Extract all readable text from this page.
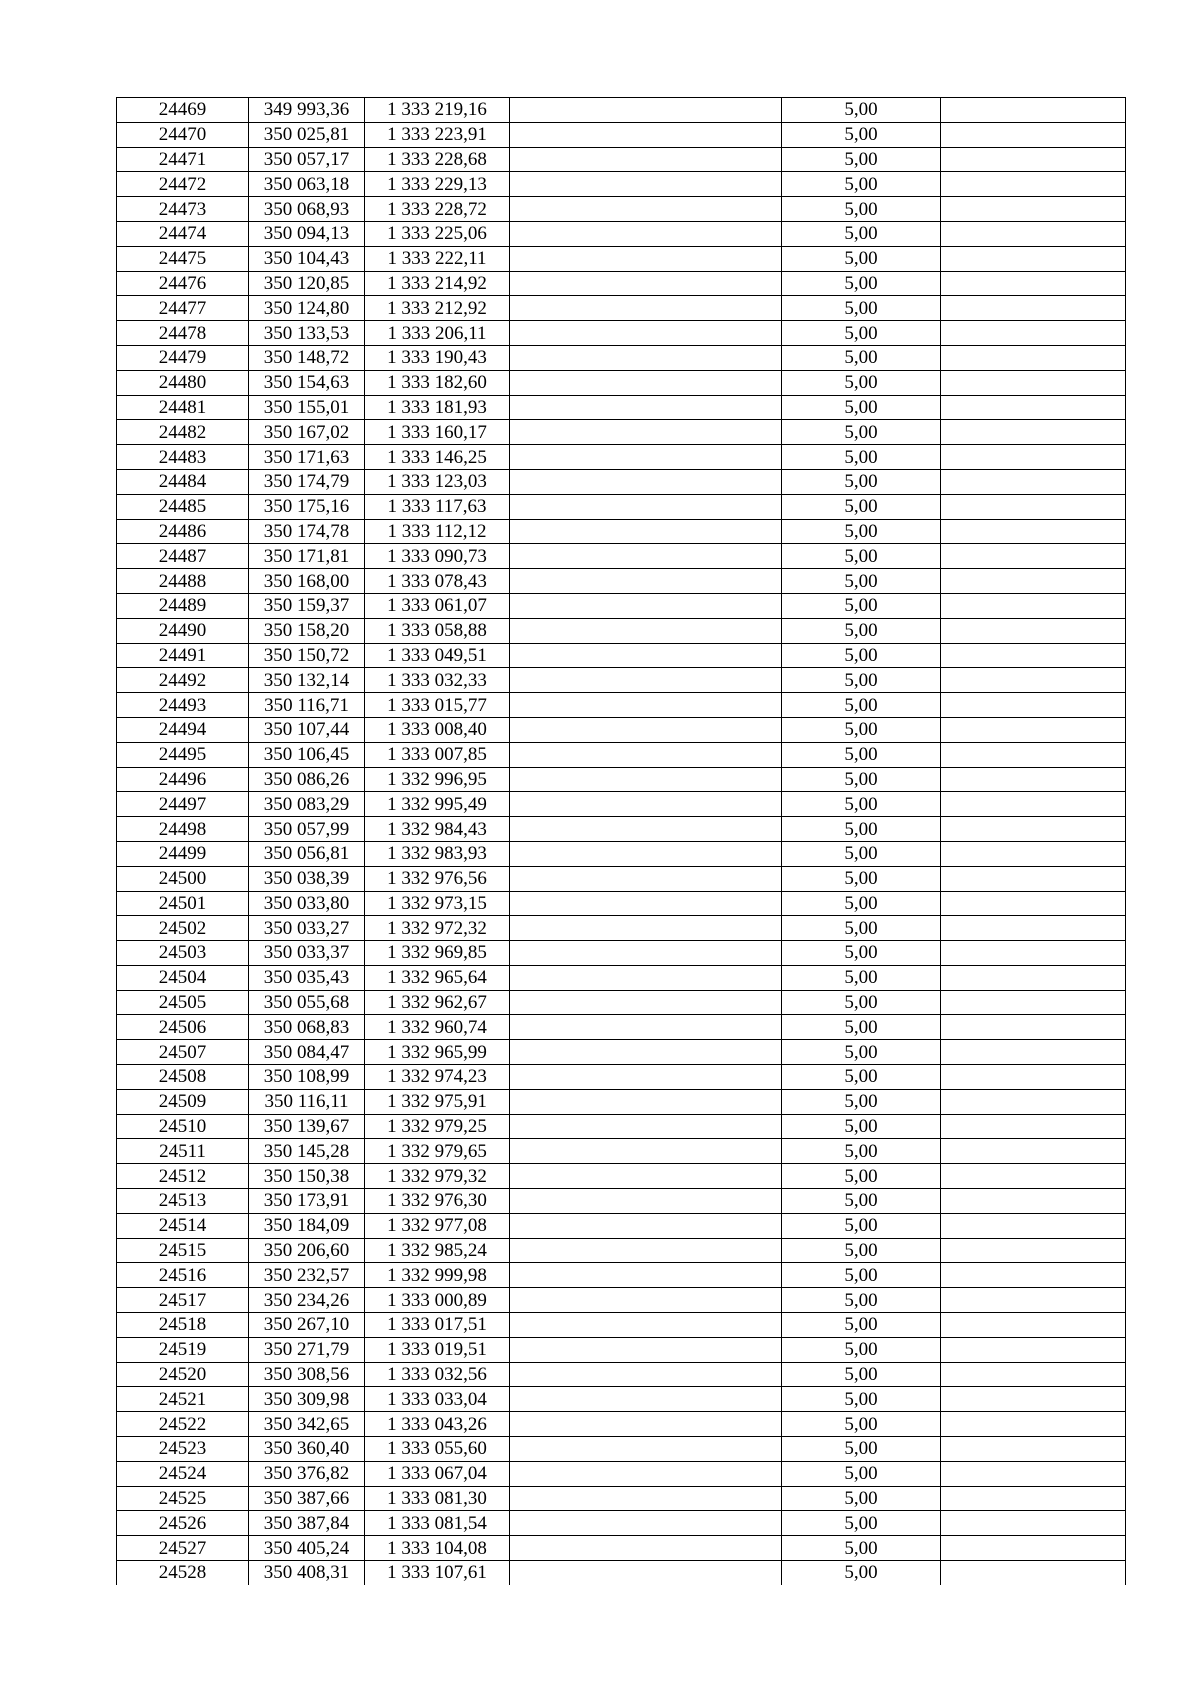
24469	349 993,36	1 333 219,16		5,00	
24470	350 025,81	1 333 223,91		5,00	
24471	350 057,17	1 333 228,68		5,00	
24472	350 063,18	1 333 229,13		5,00	
24473	350 068,93	1 333 228,72		5,00	
24474	350 094,13	1 333 225,06		5,00	
24475	350 104,43	1 333 222,11		5,00	
24476	350 120,85	1 333 214,92		5,00	
24477	350 124,80	1 333 212,92		5,00	
24478	350 133,53	1 333 206,11		5,00	
24479	350 148,72	1 333 190,43		5,00	
24480	350 154,63	1 333 182,60		5,00	
24481	350 155,01	1 333 181,93		5,00	
24482	350 167,02	1 333 160,17		5,00	
24483	350 171,63	1 333 146,25		5,00	
24484	350 174,79	1 333 123,03		5,00	
24485	350 175,16	1 333 117,63		5,00	
24486	350 174,78	1 333 112,12		5,00	
24487	350 171,81	1 333 090,73		5,00	
24488	350 168,00	1 333 078,43		5,00	
24489	350 159,37	1 333 061,07		5,00	
24490	350 158,20	1 333 058,88		5,00	
24491	350 150,72	1 333 049,51		5,00	
24492	350 132,14	1 333 032,33		5,00	
24493	350 116,71	1 333 015,77		5,00	
24494	350 107,44	1 333 008,40		5,00	
24495	350 106,45	1 333 007,85		5,00	
24496	350 086,26	1 332 996,95		5,00	
24497	350 083,29	1 332 995,49		5,00	
24498	350 057,99	1 332 984,43		5,00	
24499	350 056,81	1 332 983,93		5,00	
24500	350 038,39	1 332 976,56		5,00	
24501	350 033,80	1 332 973,15		5,00	
24502	350 033,27	1 332 972,32		5,00	
24503	350 033,37	1 332 969,85		5,00	
24504	350 035,43	1 332 965,64		5,00	
24505	350 055,68	1 332 962,67		5,00	
24506	350 068,83	1 332 960,74		5,00	
24507	350 084,47	1 332 965,99		5,00	
24508	350 108,99	1 332 974,23		5,00	
24509	350 116,11	1 332 975,91		5,00	
24510	350 139,67	1 332 979,25		5,00	
24511	350 145,28	1 332 979,65		5,00	
24512	350 150,38	1 332 979,32		5,00	
24513	350 173,91	1 332 976,30		5,00	
24514	350 184,09	1 332 977,08		5,00	
24515	350 206,60	1 332 985,24		5,00	
24516	350 232,57	1 332 999,98		5,00	
24517	350 234,26	1 333 000,89		5,00	
24518	350 267,10	1 333 017,51		5,00	
24519	350 271,79	1 333 019,51		5,00	
24520	350 308,56	1 333 032,56		5,00	
24521	350 309,98	1 333 033,04		5,00	
24522	350 342,65	1 333 043,26		5,00	
24523	350 360,40	1 333 055,60		5,00	
24524	350 376,82	1 333 067,04		5,00	
24525	350 387,66	1 333 081,30		5,00	
24526	350 387,84	1 333 081,54		5,00	
24527	350 405,24	1 333 104,08		5,00	
24528	350 408,31	1 333 107,61		5,00	
